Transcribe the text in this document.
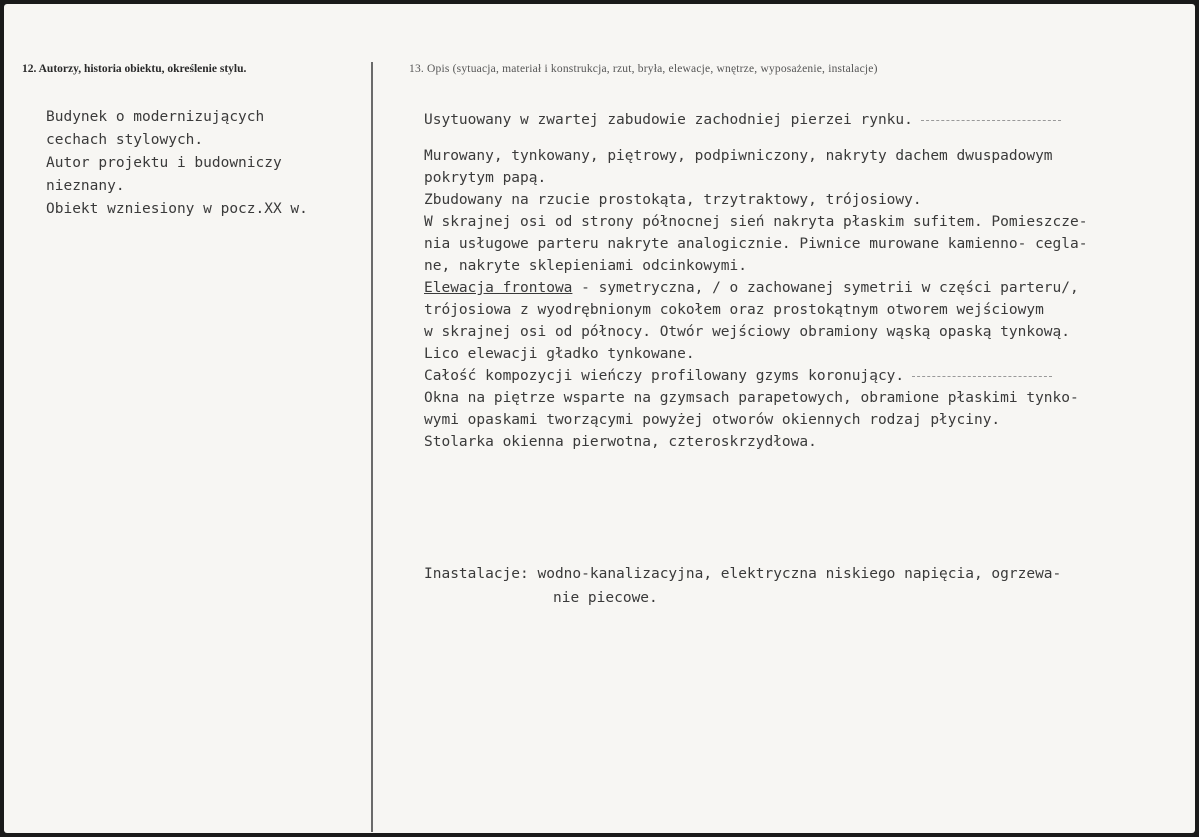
12. Autorzy, historia obiektu, określenie stylu.	13. Opis (sytuacja, materiał i konstrukcja, rzut, bryła, elewacje, wnętrze, wyposażenie, instalacje)
Budynek o modernizujących
cechach stylowych.
Autor projektu i budowniczy
nieznany.
Obiekt wzniesiony w pocz.XX w.
Usytuowany w zwartej zabudowie zachodniej pierzei rynku.
Murowany, tynkowany, piętrowy, podpiwniczony, nakryty dachem dwuspadowym
pokrytym papą.
Zbudowany na rzucie prostokąta, trzytraktowy, trójosiowy.
W skrajnej osi od strony północnej sień nakryta płaskim sufitem. Pomieszcze-
nia usługowe parteru nakryte analogicznie. Piwnice murowane kamienno- cegla-
ne, nakryte sklepieniami odcinkowymi.
Elewacja frontowa - symetryczna, / o zachowanej symetrii w części parteru/,
trójosiowa z wyodrębnionym cokołem oraz prostokątnym otworem wejściowym
w skrajnej osi od północy. Otwór wejściowy obramiony wąską opaską tynkową.
Lico elewacji gładko tynkowane.
Całość kompozycji wieńczy profilowany gzyms koronujący.
Okna na piętrze wsparte na gzymsach parapetowych, obramione płaskimi tynko-
wymi opaskami tworzącymi powyżej otworów okiennych rodzaj płyciny.
Stolarka okienna pierwotna, czteroskrzydłowa.
Inastalacje: wodno-kanalizacyjna, elektryczna niskiego napięcia, ogrzewa-
nie piecowe.
